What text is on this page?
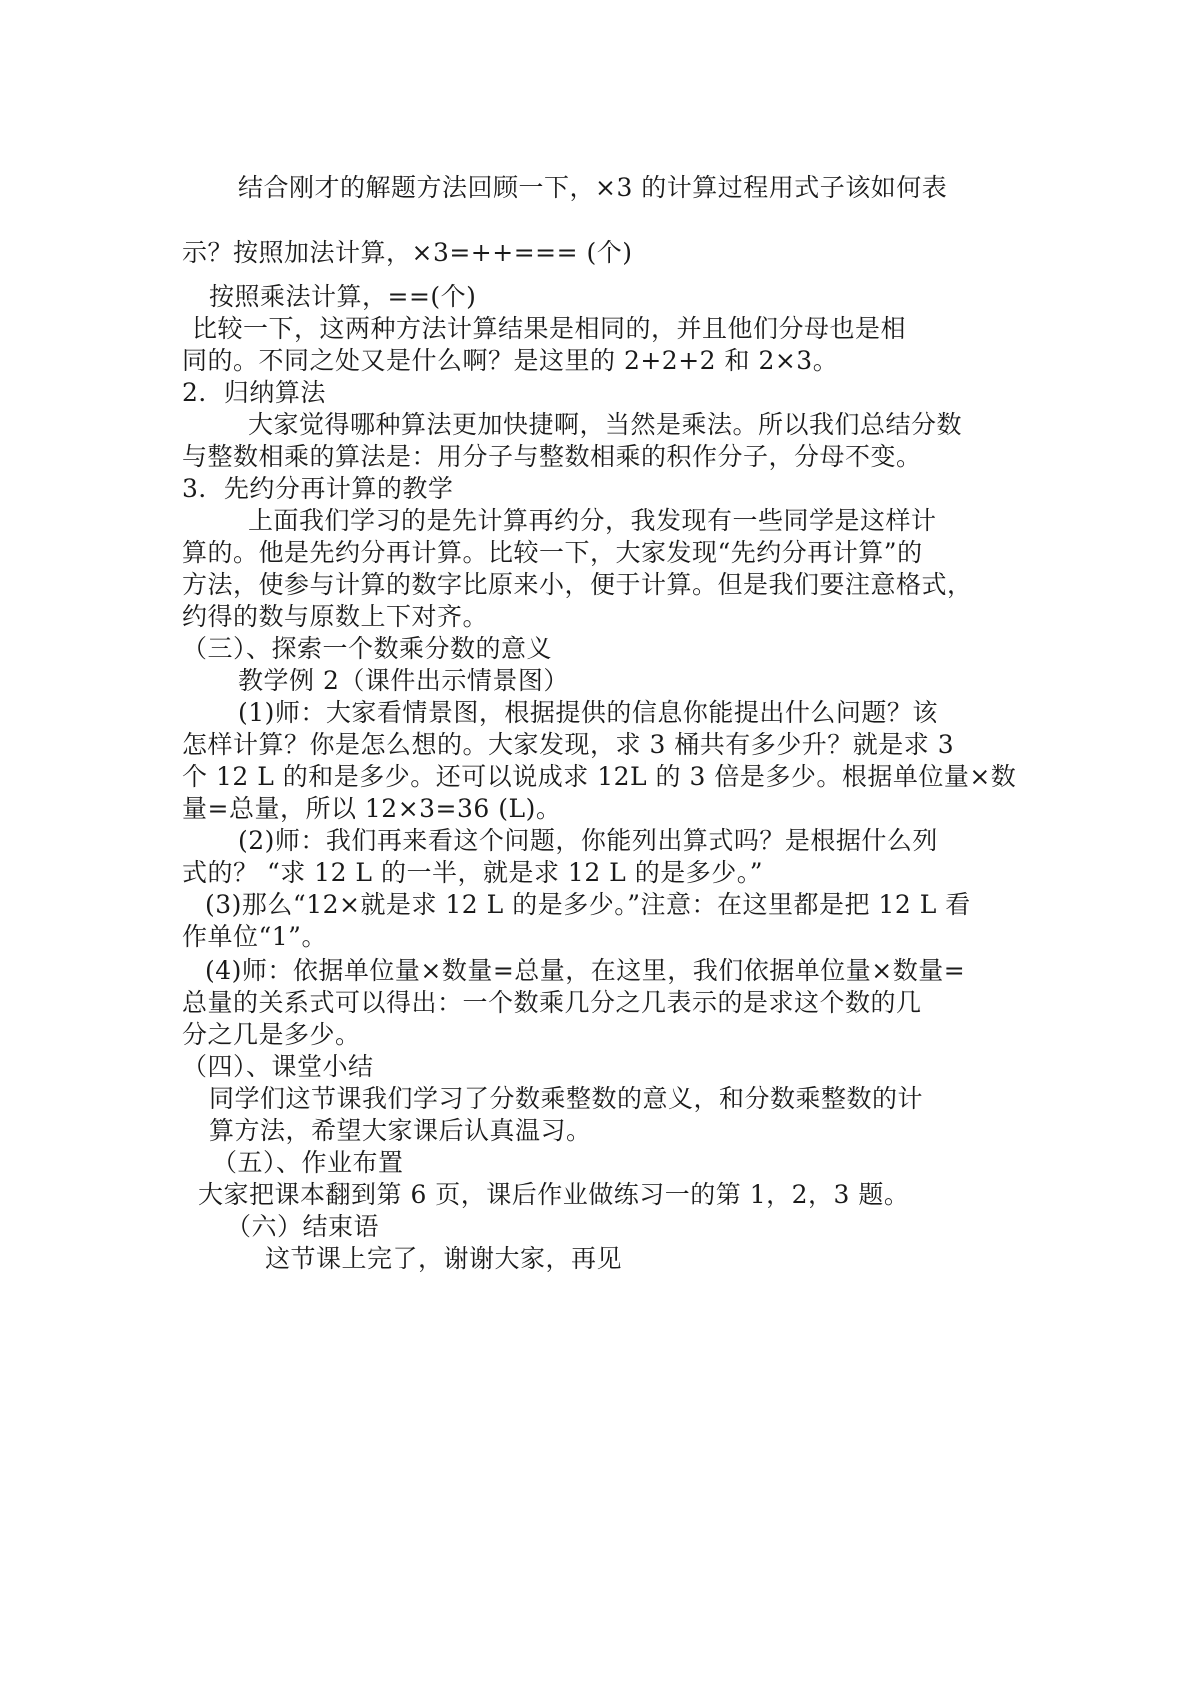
结合刚才的解题方法回顾一下，×3 的计算过程用式子该如何表
示？按照加法计算，×3=++=== (个)
按照乘法计算，==(个)
比较一下，这两种方法计算结果是相同的，并且他们分母也是相
同的。不同之处又是什么啊？是这里的 2+2+2 和 2×3。
2．归纳算法
大家觉得哪种算法更加快捷啊，当然是乘法。所以我们总结分数
与整数相乘的算法是：用分子与整数相乘的积作分子，分母不变。
3．先约分再计算的教学
上面我们学习的是先计算再约分，我发现有一些同学是这样计
算的。他是先约分再计算。比较一下，大家发现“先约分再计算”的
方法，使参与计算的数字比原来小，便于计算。但是我们要注意格式，
约得的数与原数上下对齐。
（三）、探索一个数乘分数的意义
教学例 2（课件出示情景图）
(1)师：大家看情景图，根据提供的信息你能提出什么问题？该
怎样计算？你是怎么想的。大家发现，求 3 桶共有多少升？就是求 3
个 12 L 的和是多少。还可以说成求 12L 的 3 倍是多少。根据单位量×数
量=总量，所以 12×3=36 (L)。
(2)师：我们再来看这个问题，你能列出算式吗？是根据什么列
式的？ “求 12 L 的一半，就是求 12 L 的是多少。”
(3)那么“12×就是求 12 L 的是多少。”注意：在这里都是把 12 L 看
作单位“1”。
(4)师：依据单位量×数量=总量，在这里，我们依据单位量×数量=
总量的关系式可以得出：一个数乘几分之几表示的是求这个数的几
分之几是多少。
（四）、课堂小结
同学们这节课我们学习了分数乘整数的意义，和分数乘整数的计
算方法，希望大家课后认真温习。
（五）、作业布置
大家把课本翻到第 6 页，课后作业做练习一的第 1，2，3 题。
（六）结束语
这节课上完了，谢谢大家，再见
